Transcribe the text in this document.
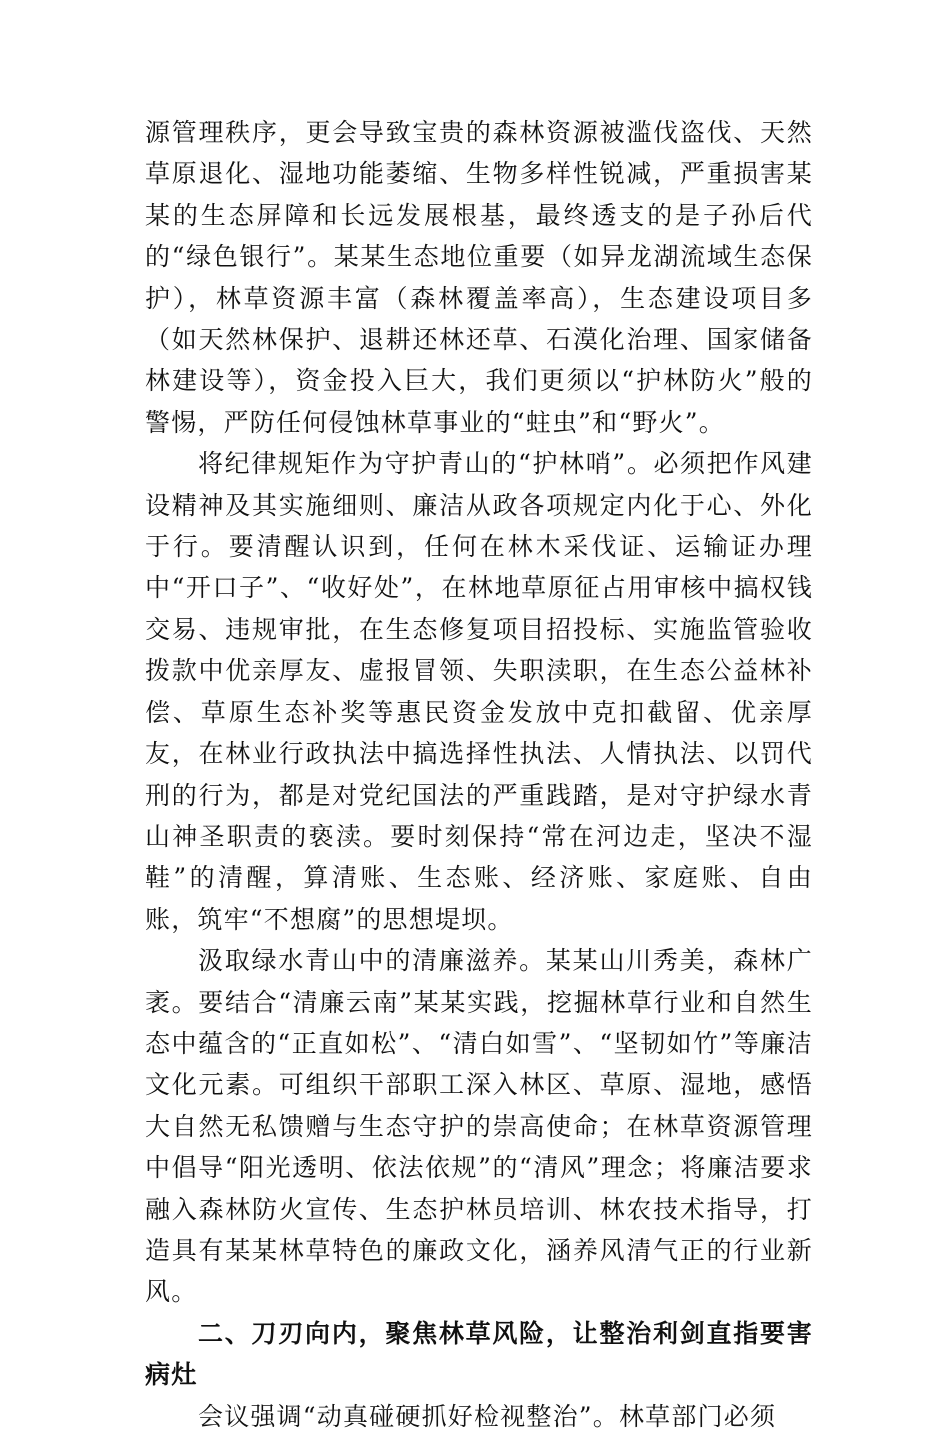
源管理秩序，更会导致宝贵的森林资源被滥伐盗伐、天然草原退化、湿地功能萎缩、生物多样性锐减，严重损害某某的生态屏障和长远发展根基，最终透支的是子孙后代的“绿色银行”。某某生态地位重要（如异龙湖流域生态保护），林草资源丰富（森林覆盖率高），生态建设项目多（如天然林保护、退耕还林还草、石漠化治理、国家储备林建设等），资金投入巨大，我们更须以“护林防火”般的警惕，严防任何侵蚀林草事业的“蛀虫”和“野火”。

将纪律规矩作为守护青山的“护林哨”。必须把作风建设精神及其实施细则、廉洁从政各项规定内化于心、外化于行。要清醒认识到，任何在林木采伐证、运输证办理中“开口子”、“收好处”，在林地草原征占用审核中搞权钱交易、违规审批，在生态修复项目招投标、实施监管验收拨款中优亲厚友、虚报冒领、失职渎职，在生态公益林补偿、草原生态补奖等惠民资金发放中克扣截留、优亲厚友，在林业行政执法中搞选择性执法、人情执法、以罚代刑的行为，都是对党纪国法的严重践踏，是对守护绿水青山神圣职责的亵渎。要时刻保持“常在河边走，坚决不湿鞋”的清醒，算清账、生态账、经济账、家庭账、自由账，筑牢“不想腐”的思想堤坝。

汲取绿水青山中的清廉滋养。某某山川秀美，森林广袤。要结合“清廉云南”某某实践，挖掘林草行业和自然生态中蕴含的“正直如松”、“清白如雪”、“坚韧如竹”等廉洁文化元素。可组织干部职工深入林区、草原、湿地，感悟大自然无私馈赠与生态守护的崇高使命；在林草资源管理中倡导“阳光透明、依法依规”的“清风”理念；将廉洁要求融入森林防火宣传、生态护林员培训、林农技术指导，打造具有某某林草特色的廉政文化，涵养风清气正的行业新风。

二、刀刃向内，聚焦林草风险，让整治利剑直指要害病灶

会议强调“动真碰硬抓好检视整治”。林草部门必须
